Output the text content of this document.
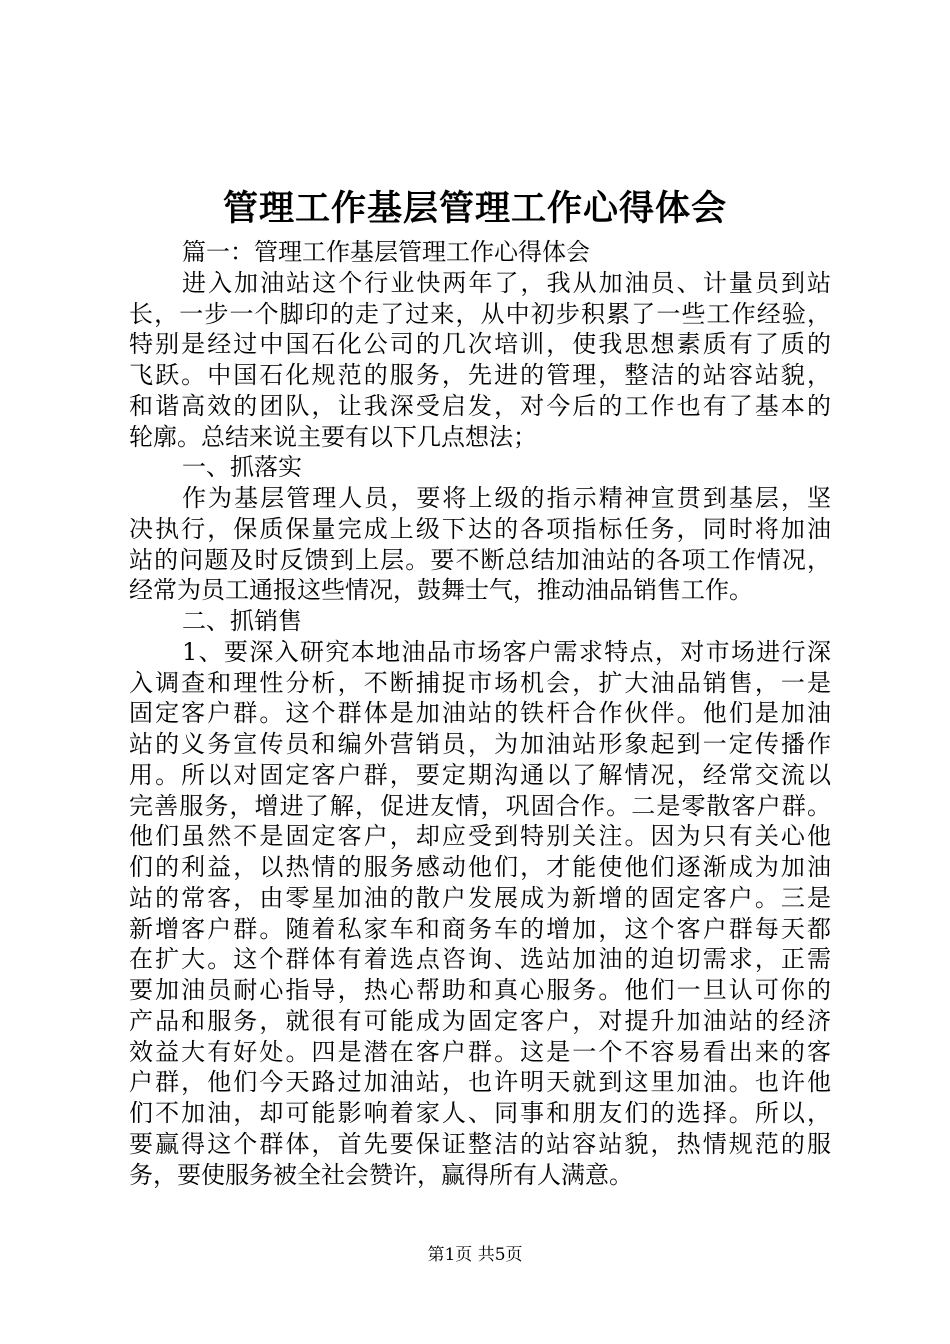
管理工作基层管理工作心得体会
篇一：管理工作基层管理工作心得体会
进入加油站这个行业快两年了，我从加油员、计量员到站
长，一步一个脚印的走了过来，从中初步积累了一些工作经验，
特别是经过中国石化公司的几次培训，使我思想素质有了质的
飞跃。中国石化规范的服务，先进的管理，整洁的站容站貌，
和谐高效的团队，让我深受启发，对今后的工作也有了基本的
轮廓。总结来说主要有以下几点想法；
一、抓落实
作为基层管理人员，要将上级的指示精神宣贯到基层，坚
决执行，保质保量完成上级下达的各项指标任务，同时将加油
站的问题及时反馈到上层。要不断总结加油站的各项工作情况，
经常为员工通报这些情况，鼓舞士气，推动油品销售工作。
二、抓销售
1、要深入研究本地油品市场客户需求特点，对市场进行深
入调查和理性分析，不断捕捉市场机会，扩大油品销售，一是
固定客户群。这个群体是加油站的铁杆合作伙伴。他们是加油
站的义务宣传员和编外营销员，为加油站形象起到一定传播作
用。所以对固定客户群，要定期沟通以了解情况，经常交流以
完善服务，增进了解，促进友情，巩固合作。二是零散客户群。
他们虽然不是固定客户，却应受到特别关注。因为只有关心他
们的利益，以热情的服务感动他们，才能使他们逐渐成为加油
站的常客，由零星加油的散户发展成为新增的固定客户。三是
新增客户群。随着私家车和商务车的增加，这个客户群每天都
在扩大。这个群体有着选点咨询、选站加油的迫切需求，正需
要加油员耐心指导，热心帮助和真心服务。他们一旦认可你的
产品和服务，就很有可能成为固定客户，对提升加油站的经济
效益大有好处。四是潜在客户群。这是一个不容易看出来的客
户群，他们今天路过加油站，也许明天就到这里加油。也许他
们不加油，却可能影响着家人、同事和朋友们的选择。所以，
要赢得这个群体，首先要保证整洁的站容站貌，热情规范的服
务，要使服务被全社会赞许，赢得所有人满意。
第1页 共5页
